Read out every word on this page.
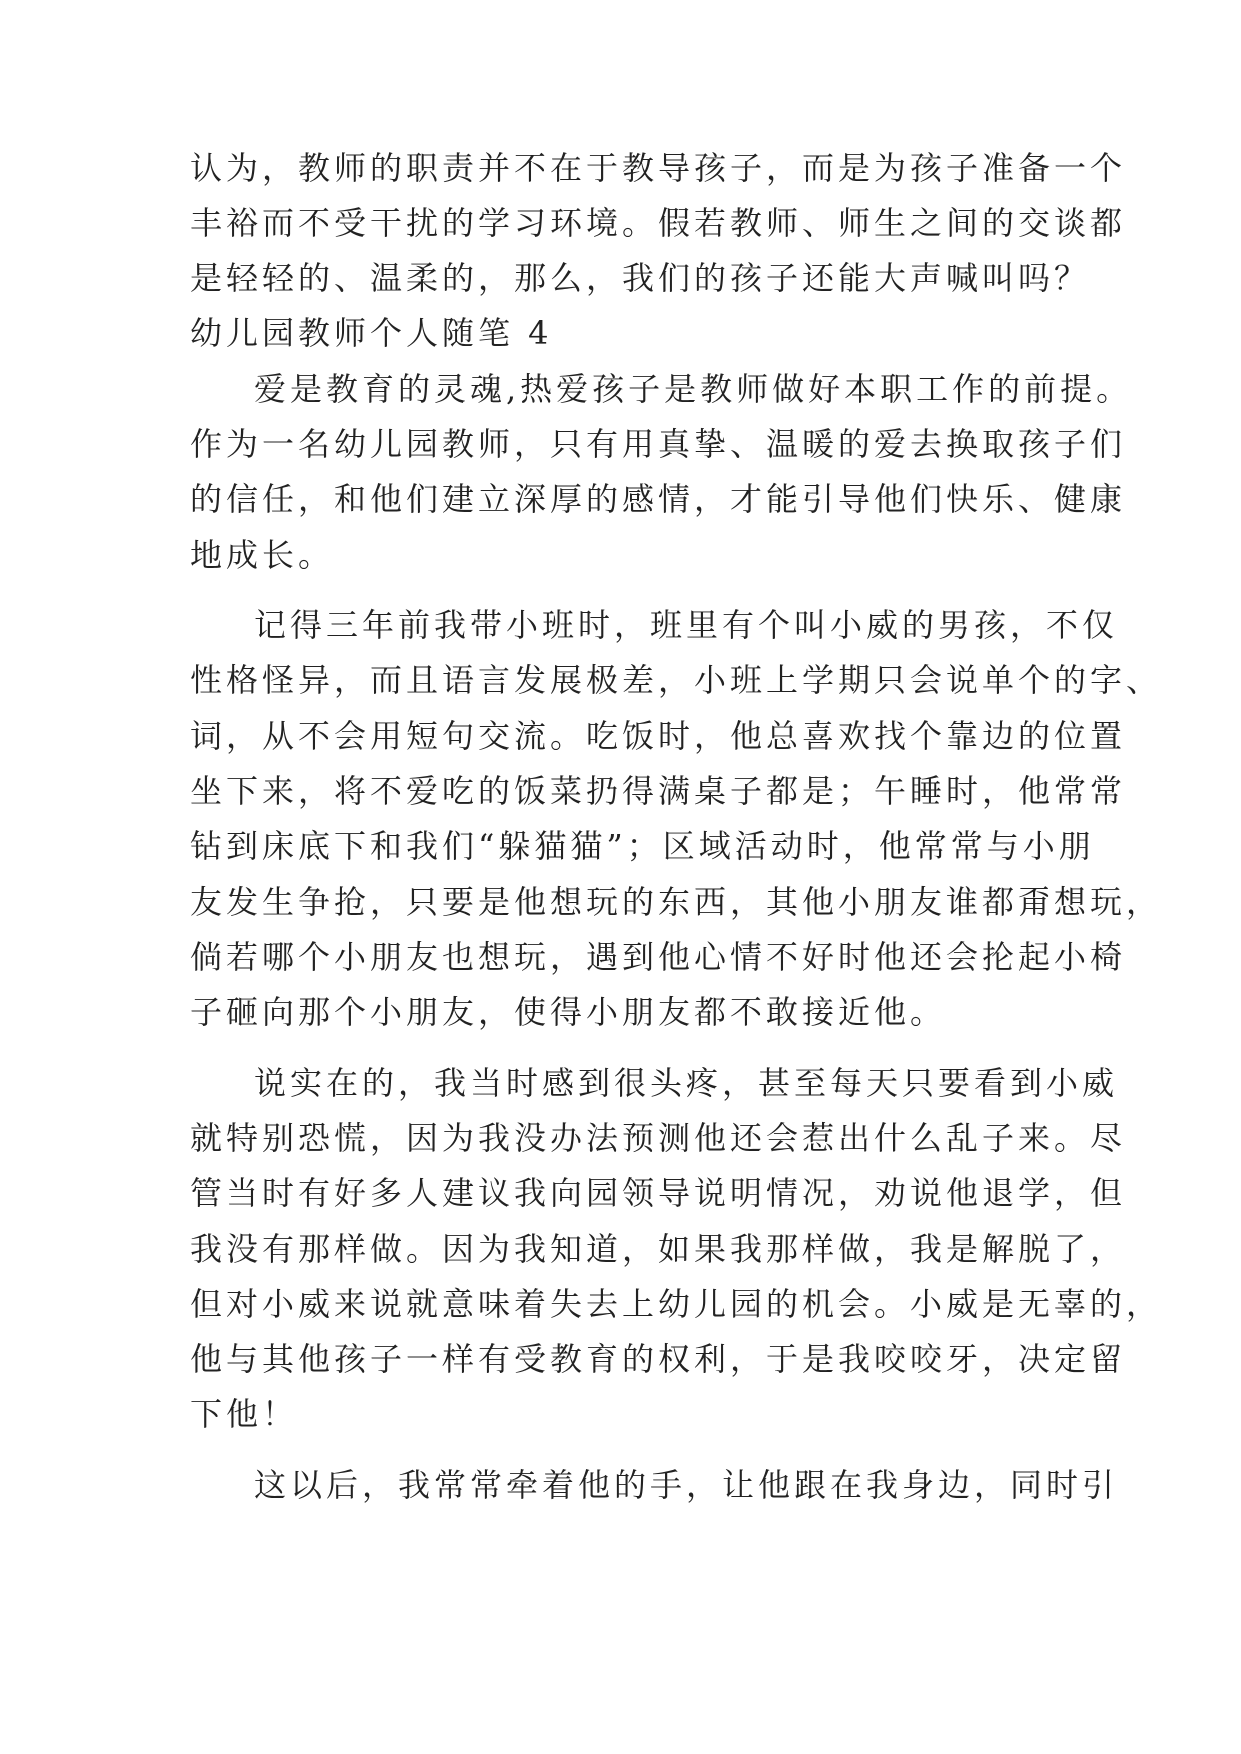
认为，教师的职责并不在于教导孩子，而是为孩子准备一个
丰裕而不受干扰的学习环境。假若教师、师生之间的交谈都
是轻轻的、温柔的，那么，我们的孩子还能大声喊叫吗？
幼儿园教师个人随笔 4
爱是教育的灵魂,热爱孩子是教师做好本职工作的前提。
作为一名幼儿园教师，只有用真挚、温暖的爱去换取孩子们
的信任，和他们建立深厚的感情，才能引导他们快乐、健康
地成长。
记得三年前我带小班时，班里有个叫小威的男孩，不仅
性格怪异，而且语言发展极差，小班上学期只会说单个的字、
词，从不会用短句交流。吃饭时，他总喜欢找个靠边的位置
坐下来，将不爱吃的饭菜扔得满桌子都是；午睡时，他常常
钻到床底下和我们“躲猫猫”；区域活动时，他常常与小朋
友发生争抢，只要是他想玩的东西，其他小朋友谁都甭想玩，
倘若哪个小朋友也想玩，遇到他心情不好时他还会抡起小椅
子砸向那个小朋友，使得小朋友都不敢接近他。
说实在的，我当时感到很头疼，甚至每天只要看到小威
就特别恐慌，因为我没办法预测他还会惹出什么乱子来。尽
管当时有好多人建议我向园领导说明情况，劝说他退学，但
我没有那样做。因为我知道，如果我那样做，我是解脱了，
但对小威来说就意味着失去上幼儿园的机会。小威是无辜的，
他与其他孩子一样有受教育的权利，于是我咬咬牙，决定留
下他！
这以后，我常常牵着他的手，让他跟在我身边，同时引
